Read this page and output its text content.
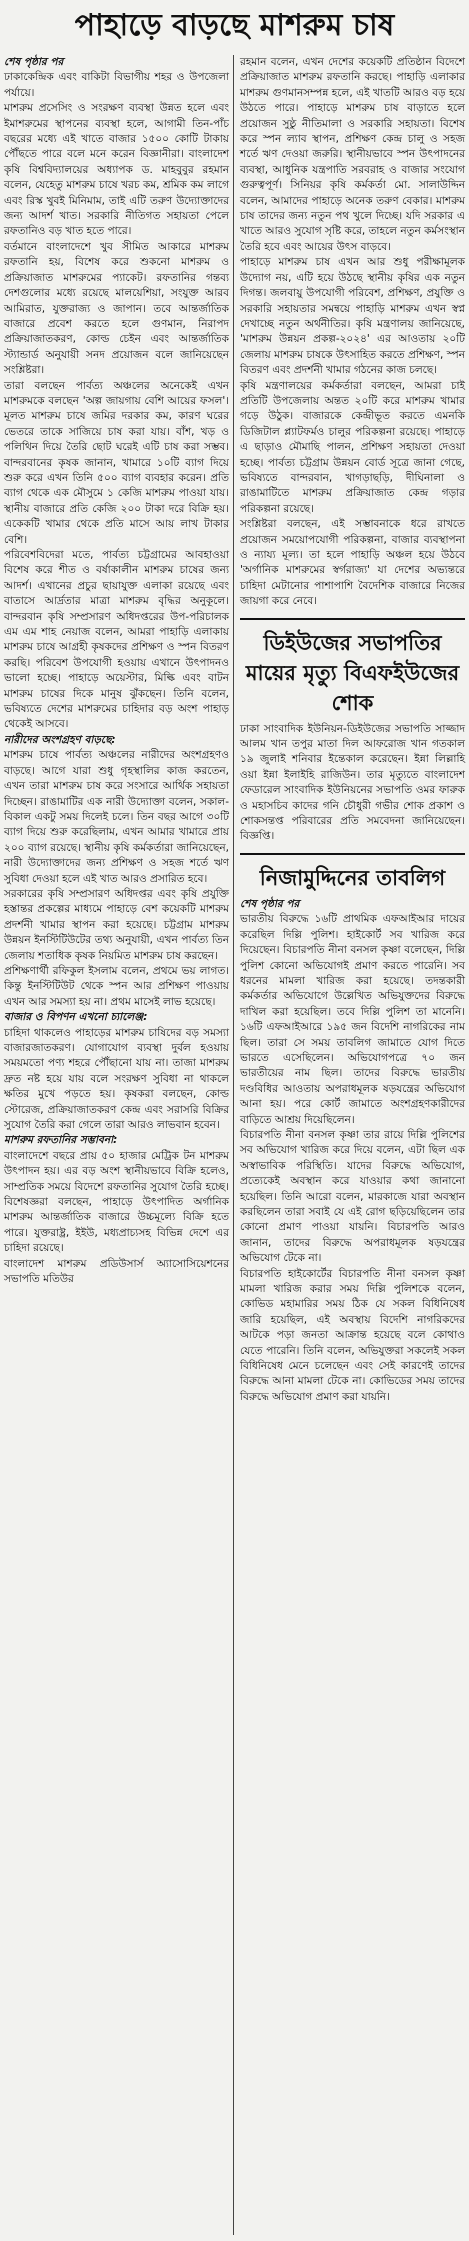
পাহাড়ে বাড়ছে মাশরুম চাষ
শেষ পৃষ্ঠার পর
ঢাকাকেন্দ্রিক এবং বাকিটা বিভাগীয় শহর ও উপজেলা পর্যায়ে।
মাশরুম প্রসেসিং ও সংরক্ষণ ব্যবস্থা উন্নত হলে এবং ইমাশরুমের স্থাপনের ব্যবস্থা হলে, আগামী তিন-পাঁচ বছরের মধ্যে এই খাতে বাজার ১৫০০ কোটি টাকায় পৌঁছতে পারে বলে মনে করেন বিজ্ঞানীরা। বাংলাদেশ কৃষি বিশ্ববিদ্যালয়ের অধ্যাপক ড. মাহবুবুর রহমান বলেন, যেহেতু মাশরুম চাষে খরচ কম, শ্রমিক কম লাগে এবং রিস্ক খুবই মিনিমাম, তাই এটি তরুণ উদ্যোক্তাদের জন্য আদর্শ খাত। সরকারি নীতিগত সহায়তা পেলে রফতানিও বড় খাত হতে পারে।
বর্তমানে বাংলাদেশে খুব সীমিত আকারে মাশরুম রফতানি হয়, বিশেষ করে শুকনো মাশরুম ও প্রক্রিয়াজাত মাশরুমের প্যাকেট। রফতানির গন্তব্য দেশগুলোর মধ্যে রয়েছে মালয়েশিয়া, সংযুক্ত আরব আমিরাত, যুক্তরাজ্য ও জাপান। তবে আন্তর্জাতিক বাজারে প্রবেশ করতে হলে গুণমান, নিরাপদ প্রক্রিয়াজাতকরণ, কোল্ড চেইন এবং আন্তর্জাতিক স্ট্যান্ডার্ড অনুযায়ী সনদ প্রয়োজন বলে জানিয়েছেন সংশ্লিষ্টরা।
তারা বলছেন পার্বত্য অঞ্চলের অনেকেই এখন মাশরুমকে বলছেন 'অল্প জায়গায় বেশি আয়ের ফসল'। মূলত মাশরুম চাষে জমির দরকার কম, কারণ ঘরের ভেতরে তাকে সাজিয়ে চাষ করা যায়। বাঁশ, খড় ও পলিথিন দিয়ে তৈরি ছোট ঘরেই এটি চাষ করা সম্ভব। বান্দরবানের কৃষক জানান, খামারে ১০টি ব্যাগ দিয়ে শুরু করে এখন তিনি ৫০০ ব্যাগ ব্যবহার করেন। প্রতি ব্যাগ থেকে এক মৌসুমে ১ কেজি মাশরুম পাওয়া যায়। স্থানীয় বাজারে প্রতি কেজি ২০০ টাকা দরে বিক্রি হয়। একেকটি খামার থেকে প্রতি মাসে আয় লাখ টাকার বেশি।
পরিবেশবিদেরা মতে, পার্বত্য চট্টগ্রামের আবহাওয়া বিশেষ করে শীত ও বর্ষাকালীন মাশরুম চাষের জন্য আদর্শ। এখানের প্রচুর ছায়াযুক্ত এলাকা রয়েছে এবং বাতাসে আর্দ্রতার মাত্রা মাশরুম বৃদ্ধির অনুকূলে। বান্দরবান কৃষি সম্প্রসারণ অধিদপ্তরের উপ-পরিচালক এম এম শাহ নেয়াজ বলেন, আমরা পাহাড়ি এলাকায় মাশরুম চাষে আগ্রহী কৃষকদের প্রশিক্ষণ ও স্পন বিতরণ করছি। পরিবেশ উপযোগী হওয়ায় এখানে উৎপাদনও ভালো হচ্ছে। পাহাড়ে অয়েস্টার, মিল্কি এবং বাটন মাশরুম চাষের দিকে মানুষ ঝুঁকছেন। তিনি বলেন, ভবিষ্যতে দেশের মাশরুমের চাহিদার বড় অংশ পাহাড় থেকেই আসবে।
নারীদের অংশগ্রহণ বাড়ছে:
মাশরুম চাষে পার্বত্য অঞ্চলের নারীদের অংশগ্রহণও বাড়ছে। আগে যারা শুধু গৃহস্থালির কাজ করতেন, এখন তারা মাশরুম চাষ করে সংসারে আর্থিক সহায়তা দিচ্ছেন। রাঙামাটির এক নারী উদ্যোক্তা বলেন, সকাল-বিকাল একটু সময় দিলেই চলে। তিন বছর আগে ৩০টি ব্যাগ দিয়ে শুরু করেছিলাম, এখন আমার খামারে প্রায় ২০০ ব্যাগ রয়েছে। স্থানীয় কৃষি কর্মকর্তারা জানিয়েছেন, নারী উদ্যোক্তাদের জন্য প্রশিক্ষণ ও সহজ শর্তে ঋণ সুবিধা দেওয়া হলে এই খাত আরও প্রসারিত হবে।
সরকারের কৃষি সম্প্রসারণ অধিদপ্তর এবং কৃষি প্রযুক্তি হস্তান্তর প্রকল্পের মাধ্যমে পাহাড়ে বেশ কয়েকটি মাশরুম প্রদর্শনী খামার স্থাপন করা হয়েছে। চট্টগ্রাম মাশরুম উন্নয়ন ইনস্টিটিউটের তথ্য অনুযায়ী, এখন পার্বত্য তিন জেলায় শতাধিক কৃষক নিয়মিত মাশরুম চাষ করছেন।
প্রশিক্ষণার্থী রফিকুল ইসলাম বলেন, প্রথমে ভয় লাগত। কিন্তু ইনস্টিটিউট থেকে স্পন আর প্রশিক্ষণ পাওয়ায় এখন আর সমস্যা হয় না। প্রথম মাসেই লাভ হয়েছে।
বাজার ও বিপণন এখনো চ্যালেঞ্জ:
চাহিদা থাকলেও পাহাড়ের মাশরুম চাষিদের বড় সমস্যা বাজারজাতকরণ। যোগাযোগ ব্যবস্থা দুর্বল হওয়ায় সময়মতো পণ্য শহরে পৌঁছানো যায় না। তাজা মাশরুম দ্রুত নষ্ট হয়ে যায় বলে সংরক্ষণ সুবিধা না থাকলে ক্ষতির মুখে পড়তে হয়। কৃষকরা বলছেন, কোল্ড স্টোরেজ, প্রক্রিয়াজাতকরণ কেন্দ্র এবং সরাসরি বিক্রির সুযোগ তৈরি করা গেলে তারা আরও লাভবান হবেন।
মাশরুম রফতানির সম্ভাবনা:
বাংলাদেশে বছরে প্রায় ৫০ হাজার মেট্রিক টন মাশরুম উৎপাদন হয়। এর বড় অংশ স্থানীয়ভাবে বিক্রি হলেও, সাম্প্রতিক সময়ে বিদেশে রফতানির সুযোগ তৈরি হচ্ছে। বিশেষজ্ঞরা বলছেন, পাহাড়ে উৎপাদিত অর্গানিক মাশরুম আন্তর্জাতিক বাজারে উচ্চমূল্যে বিক্রি হতে পারে। যুক্তরাষ্ট্র, ইইউ, মধ্যপ্রাচ্যসহ বিভিন্ন দেশে এর চাহিদা রয়েছে।
বাংলাদেশ মাশরুম প্রডিউসার্স অ্যাসোসিয়েশনের সভাপতি মতিউর
রহমান বলেন, এখন দেশের কয়েকটি প্রতিষ্ঠান বিদেশে প্রক্রিয়াজাত মাশরুম রফতানি করছে। পাহাড়ি এলাকার মাশরুম গুণমানসম্পন্ন হলে, এই খাতটি আরও বড় হয়ে উঠতে পারে। পাহাড়ে মাশরুম চাষ বাড়াতে হলে প্রয়োজন সুষ্ঠু নীতিমালা ও সরকারি সহায়তা। বিশেষ করে স্পন ল্যাব স্থাপন, প্রশিক্ষণ কেন্দ্র চালু ও সহজ শর্তে ঋণ দেওয়া জরুরি। স্থানীয়ভাবে স্পন উৎপাদনের ব্যবস্থা, আধুনিক যন্ত্রপাতি সরবরাহ ও বাজার সংযোগ গুরুত্বপূর্ণ। সিনিয়র কৃষি কর্মকর্তা মো. সালাউদ্দিন বলেন, আমাদের পাহাড়ে অনেক তরুণ বেকার। মাশরুম চাষ তাদের জন্য নতুন পথ খুলে দিচ্ছে। যদি সরকার এ খাতে আরও সুযোগ সৃষ্টি করে, তাহলে নতুন কর্মসংস্থান তৈরি হবে এবং আয়ের উৎস বাড়বে।
পাহাড়ে মাশরুম চাষ এখন আর শুধু পরীক্ষামূলক উদ্যোগ নয়, এটি হয়ে উঠছে স্থানীয় কৃষির এক নতুন দিগন্ত। জলবায়ু উপযোগী পরিবেশ, প্রশিক্ষণ, প্রযুক্তি ও সরকারি সহায়তার সমন্বয়ে পাহাড়ি মাশরুম এখন স্বপ্ন দেখাচ্ছে নতুন অর্থনীতির। কৃষি মন্ত্রণালয় জানিয়েছে, 'মাশরুম উন্নয়ন প্রকল্প-২০২৪' এর আওতায় ২০টি জেলায় মাশরুম চাষকে উৎসাহিত করতে প্রশিক্ষণ, স্পন বিতরণ এবং প্রদর্শনী খামার গঠনের কাজ চলছে।
কৃষি মন্ত্রণালয়ের কর্মকর্তারা বলছেন, আমরা চাই প্রতিটি উপজেলায় অন্তত ২০টি করে মাশরুম খামার গড়ে উঠুক। বাজারকে কেন্দ্রীভূত করতে এমনকি ডিজিটাল প্ল্যাটফর্মও চালুর পরিকল্পনা রয়েছে। পাহাড়ে এ ছাড়াও মৌমাছি পালন, প্রশিক্ষণ সহায়তা দেওয়া হচ্ছে। পার্বত্য চট্টগ্রাম উন্নয়ন বোর্ড সূত্রে জানা গেছে, ভবিষ্যতে বান্দরবান, খাগড়াছড়ি, দীঘিনালা ও রাঙামাটিতে মাশরুম প্রক্রিয়াজাত কেন্দ্র গড়ার পরিকল্পনা রয়েছে।
সংশ্লিষ্টরা বলছেন, এই সম্ভাবনাকে ধরে রাখতে প্রয়োজন সময়োপযোগী পরিকল্পনা, বাজার ব্যবস্থাপনা ও ন্যায্য মূল্য। তা হলে পাহাড়ি অঞ্চল হয়ে উঠবে 'অর্গানিক মাশরুমের স্বর্গরাজ্য' যা দেশের অভ্যন্তরে চাহিদা মেটানোর পাশাপাশি বৈদেশিক বাজারে নিজের জায়গা করে নেবে।
ডিইউজের সভাপতির মায়ের মৃত্যু বিএফইউজের শোক
ঢাকা সাংবাদিক ইউনিয়ন-ডিইউজের সভাপতি সাজ্জাদ আলম খান তপুর মাতা দিল আফরোজ খান গতকাল ১৯ জুলাই শনিবার ইন্তেকাল করেছেন। ইন্না লিল্লাহি ওয়া ইন্না ইলাইহি রাজিউন। তার মৃত্যুতে বাংলাদেশ ফেডারেল সাংবাদিক ইউনিয়নের সভাপতি ওমর ফারুক ও মহাসচিব কাদের গনি চৌধুরী গভীর শোক প্রকাশ ও শোকসন্তপ্ত পরিবারের প্রতি সমবেদনা জানিয়েছেন। বিজ্ঞপ্তি।
নিজামুদ্দিনের তাবলিগ
শেষ পৃষ্ঠার পর
ভারতীয় বিরুদ্ধে ১৬টি প্রাথমিক এফআইআর দায়ের করেছিল দিল্লি পুলিশ। হাইকোর্ট সব খারিজ করে দিয়েছেন। বিচারপতি নীনা বনসল কৃষ্ণা বলেছেন, দিল্লি পুলিশ কোনো অভিযোগই প্রমাণ করতে পারেনি। সব ধরনের মামলা খারিজ করা হয়েছে। তদন্তকারী কর্মকর্তার অভিযোগে উল্লেখিত অভিযুক্তদের বিরুদ্ধে দাখিল করা হয়েছিল। তবে দিল্লি পুলিশ তা মানেনি। ১৬টি এফআইআরে ১৯৫ জন বিদেশি নাগরিকের নাম ছিল। তারা সে সময় তাবলিগ জামাতে যোগ দিতে ভারতে এসেছিলেন। অভিযোগপত্রে ৭০ জন ভারতীয়ের নাম ছিল। তাদের বিরুদ্ধে ভারতীয় দণ্ডবিধির আওতায় অপরাধমূলক ষড়যন্ত্রের অভিযোগ আনা হয়। পরে কোর্ট জামাতে অংশগ্রহণকারীদের বাড়িতে আশ্রয় দিয়েছিলেন।
বিচারপতি নীনা বনসল কৃষ্ণা তার রায়ে দিল্লি পুলিশের সব অভিযোগ খারিজ করে দিয়ে বলেন, এটা ছিল এক অস্বাভাবিক পরিস্থিতি। যাদের বিরুদ্ধে অভিযোগ, প্রত্যেকেই অবস্থান করে যাওয়ার কথা জানানো হয়েছিল। তিনি আরো বলেন, মারকাজে যারা অবস্থান করছিলেন তারা সবাই যে এই রোগ ছড়িয়েছিলেন তার কোনো প্রমাণ পাওয়া যায়নি। বিচারপতি আরও জানান, তাদের বিরুদ্ধে অপরাধমূলক ষড়যন্ত্রের অভিযোগ টেকে না।
বিচারপতি হাইকোর্টের বিচারপতি নীনা বনসল কৃষ্ণা মামলা খারিজ করার সময় দিল্লি পুলিশকে বলেন, কোভিড মহামারির সময় ঠিক যে সকল বিধিনিষেধ জারি হয়েছিল, এই অবস্থায় বিদেশি নাগরিকদের আটকে পড়া জনতা আক্রান্ত হয়েছে বলে কোথাও যেতে পারেনি। তিনি বলেন, অভিযুক্তরা সকলেই সকল বিধিনিষেধ মেনে চলেছেন এবং সেই কারণেই তাদের বিরুদ্ধে আনা মামলা টেকে না। কোভিডের সময় তাদের বিরুদ্ধে অভিযোগ প্রমাণ করা যায়নি।
